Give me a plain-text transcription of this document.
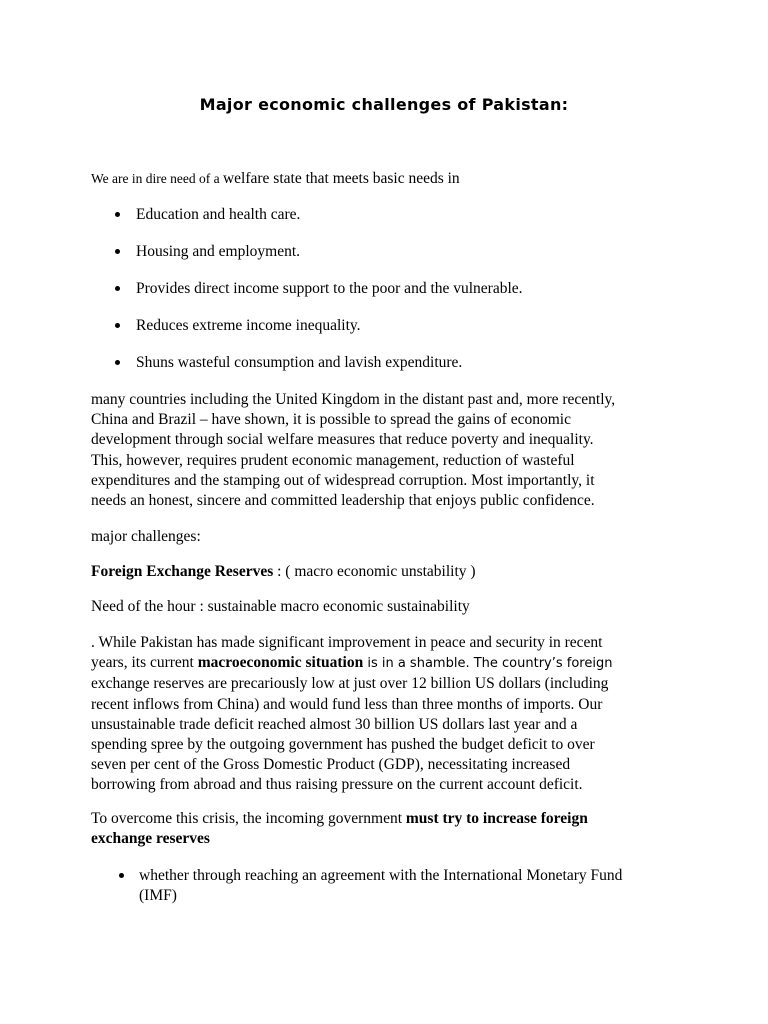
Major economic challenges of Pakistan:

We are in dire need of a welfare state that meets basic needs in

Education and health care.
Housing and employment.
Provides direct income support to the poor and the vulnerable.
Reduces extreme income inequality.
Shuns wasteful consumption and lavish expenditure.

many countries including the United Kingdom in the distant past and, more recently,
China and Brazil – have shown, it is possible to spread the gains of economic
development through social welfare measures that reduce poverty and inequality.
This, however, requires prudent economic management, reduction of wasteful
expenditures and the stamping out of widespread corruption. Most importantly, it
needs an honest, sincere and committed leadership that enjoys public confidence.

major challenges:

Foreign Exchange Reserves : ( macro economic unstability )

Need of the hour : sustainable macro economic sustainability

. While Pakistan has made significant improvement in peace and security in recent
years, its current macroeconomic situation is in a shamble. The country’s foreign
exchange reserves are precariously low at just over 12 billion US dollars (including
recent inflows from China) and would fund less than three months of imports. Our
unsustainable trade deficit reached almost 30 billion US dollars last year and a
spending spree by the outgoing government has pushed the budget deficit to over
seven per cent of the Gross Domestic Product (GDP), necessitating increased
borrowing from abroad and thus raising pressure on the current account deficit.

To overcome this crisis, the incoming government must try to increase foreign
exchange reserves

whether through reaching an agreement with the International Monetary Fund
(IMF)
